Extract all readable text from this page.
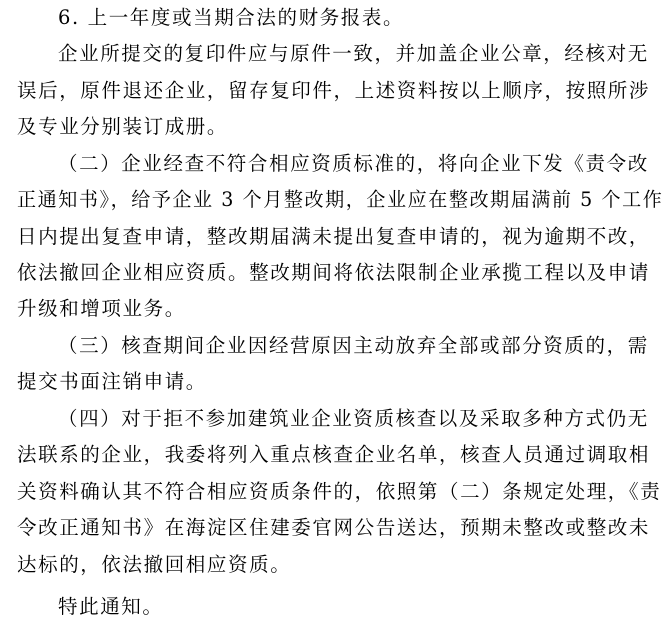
6. 上一年度或当期合法的财务报表。
企业所提交的复印件应与原件一致，并加盖企业公章，经核对无
误后，原件退还企业，留存复印件，上述资料按以上顺序，按照所涉
及专业分别装订成册。
（二）企业经查不符合相应资质标准的，将向企业下发《责令改
正通知书》，给予企业 3 个月整改期，企业应在整改期届满前 5 个工作
日内提出复查申请，整改期届满未提出复查申请的，视为逾期不改，
依法撤回企业相应资质。整改期间将依法限制企业承揽工程以及申请
升级和增项业务。
（三）核查期间企业因经营原因主动放弃全部或部分资质的，需
提交书面注销申请。
（四）对于拒不参加建筑业企业资质核查以及采取多种方式仍无
法联系的企业，我委将列入重点核查企业名单，核查人员通过调取相
关资料确认其不符合相应资质条件的，依照第（二）条规定处理，《责
令改正通知书》在海淀区住建委官网公告送达，预期未整改或整改未
达标的，依法撤回相应资质。
特此通知。
